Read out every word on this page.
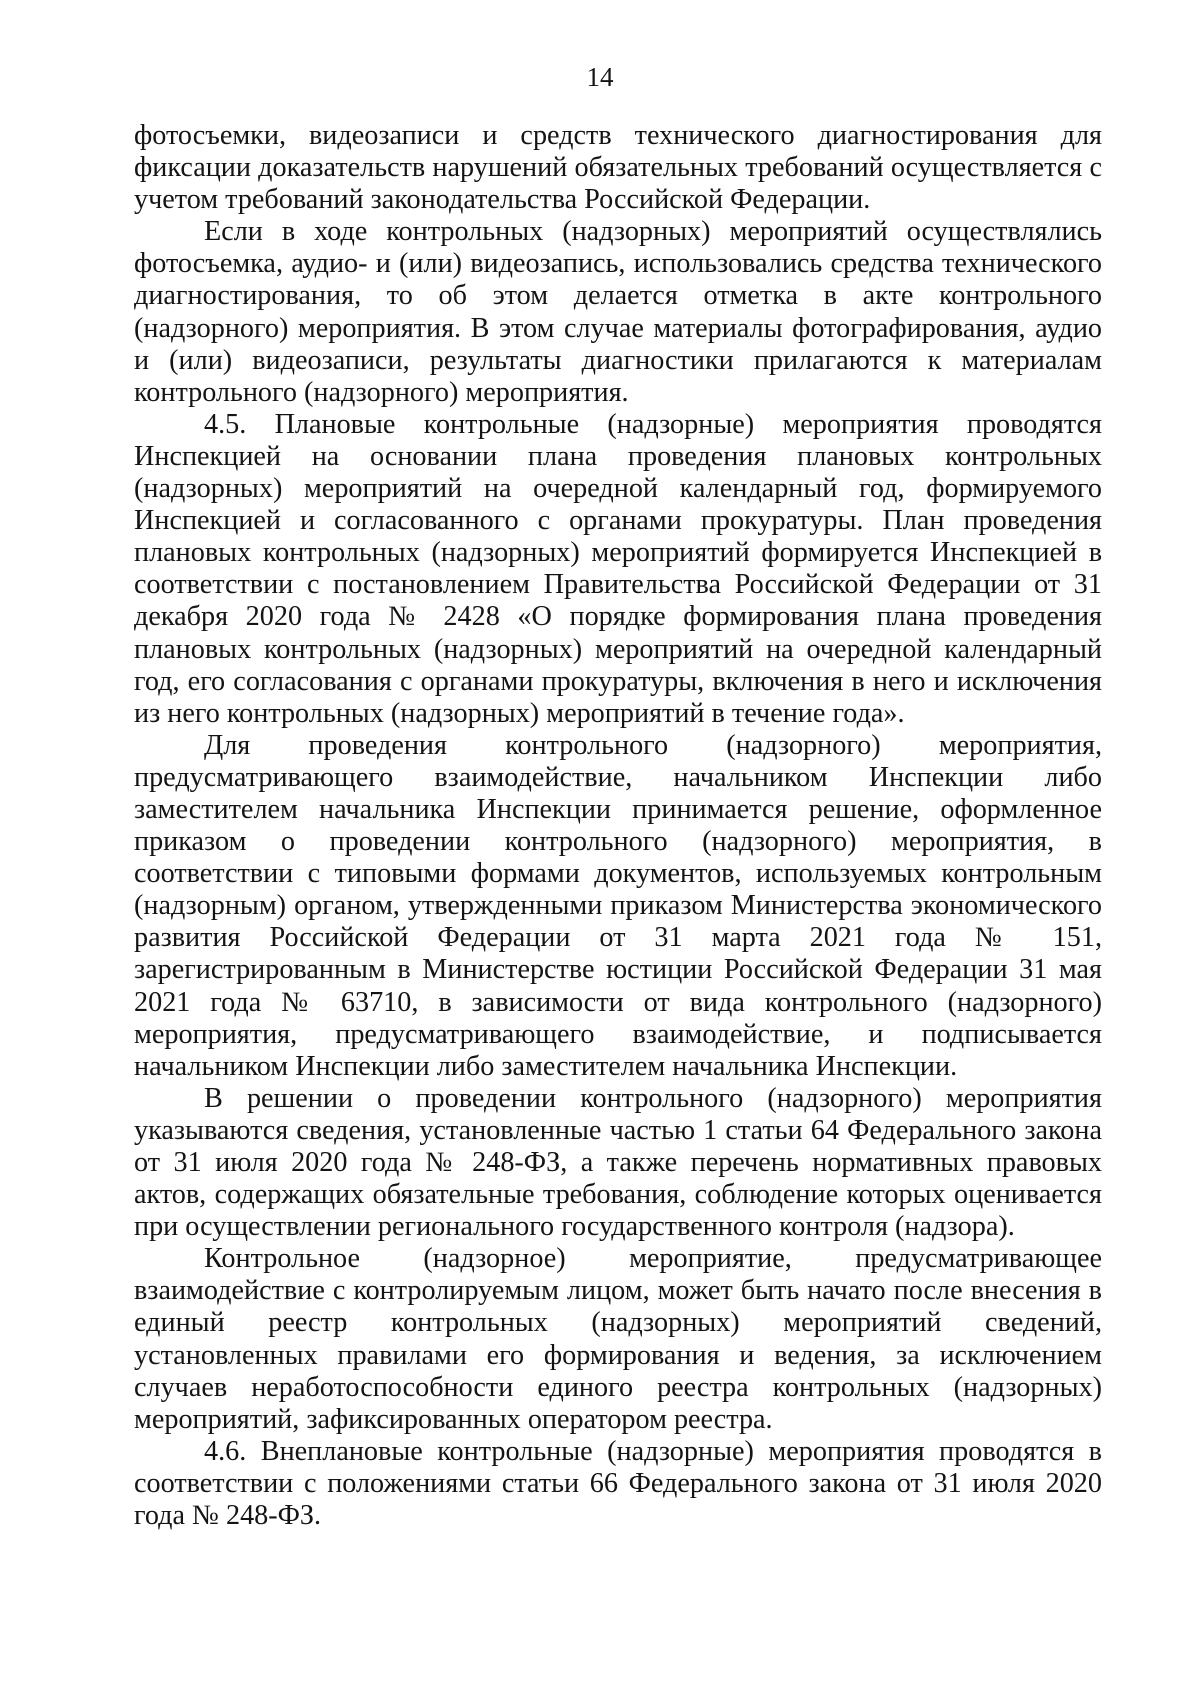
14

фотосъемки, видеозаписи и средств технического диагностирования для фиксации доказательств нарушений обязательных требований осуществляется с учетом требований законодательства Российской Федерации.

Если в ходе контрольных (надзорных) мероприятий осуществлялись фотосъемка, аудио- и (или) видеозапись, использовались средства технического диагностирования, то об этом делается отметка в акте контрольного (надзорного) мероприятия. В этом случае материалы фотографирования, аудио и (или) видеозаписи, результаты диагностики прилагаются к материалам контрольного (надзорного) мероприятия.

4.5. Плановые контрольные (надзорные) мероприятия проводятся Инспекцией на основании плана проведения плановых контрольных (надзорных) мероприятий на очередной календарный год, формируемого Инспекцией и согласованного с органами прокуратуры. План проведения плановых контрольных (надзорных) мероприятий формируется Инспекцией в соответствии с постановлением Правительства Российской Федерации от 31 декабря 2020 года № 2428 «О порядке формирования плана проведения плановых контрольных (надзорных) мероприятий на очередной календарный год, его согласования с органами прокуратуры, включения в него и исключения из него контрольных (надзорных) мероприятий в течение года».

Для проведения контрольного (надзорного) мероприятия, предусматривающего взаимодействие, начальником Инспекции либо заместителем начальника Инспекции принимается решение, оформленное приказом о проведении контрольного (надзорного) мероприятия, в соответствии с типовыми формами документов, используемых контрольным (надзорным) органом, утвержденными приказом Министерства экономического развития Российской Федерации от 31 марта 2021 года № 151, зарегистрированным в Министерстве юстиции Российской Федерации 31 мая 2021 года № 63710, в зависимости от вида контрольного (надзорного) мероприятия, предусматривающего взаимодействие, и подписывается начальником Инспекции либо заместителем начальника Инспекции.

В решении о проведении контрольного (надзорного) мероприятия указываются сведения, установленные частью 1 статьи 64 Федерального закона от 31 июля 2020 года № 248-ФЗ, а также перечень нормативных правовых актов, содержащих обязательные требования, соблюдение которых оценивается при осуществлении регионального государственного контроля (надзора).

Контрольное (надзорное) мероприятие, предусматривающее взаимодействие с контролируемым лицом, может быть начато после внесения в единый реестр контрольных (надзорных) мероприятий сведений, установленных правилами его формирования и ведения, за исключением случаев неработоспособности единого реестра контрольных (надзорных) мероприятий, зафиксированных оператором реестра.

4.6. Внеплановые контрольные (надзорные) мероприятия проводятся в соответствии с положениями статьи 66 Федерального закона от 31 июля 2020 года № 248-ФЗ.
